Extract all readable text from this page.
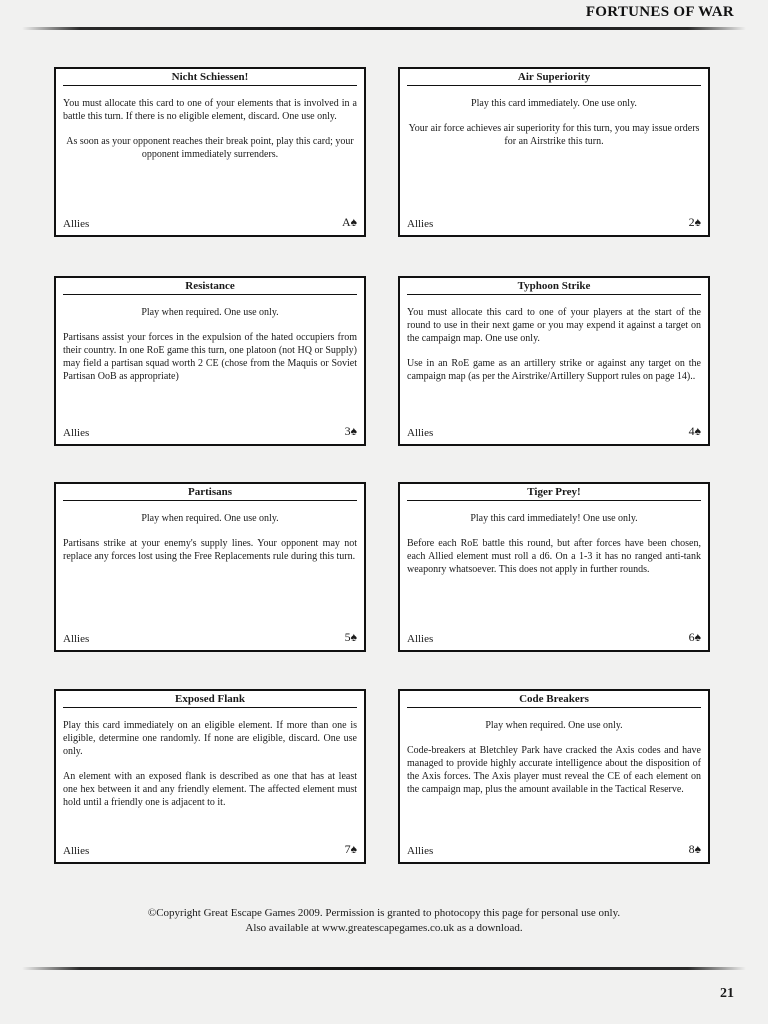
FORTUNES OF WAR
Nicht Schiessen!

You must allocate this card to one of your elements that is involved in a battle this turn. If there is no eligible element, discard. One use only.

As soon as your opponent reaches their break point, play this card; your opponent immediately surrenders.

Allies	A♠
Air Superiority

Play this card immediately. One use only.

Your air force achieves air superiority for this turn, you may issue orders for an Airstrike this turn.

Allies	2♠
Resistance

Play when required. One use only.

Partisans assist your forces in the expulsion of the hated occupiers from their country. In one RoE game this turn, one platoon (not HQ or Supply) may field a partisan squad worth 2 CE (chose from the Maquis or Soviet Partisan OoB as appropriate)

Allies	3♠
Typhoon Strike

You must allocate this card to one of your players at the start of the round to use in their next game or you may expend it against a target on the campaign map. One use only.

Use in an RoE game as an artillery strike or against any target on the campaign map (as per the Airstrike/Artillery Support rules on page 14)..

Allies	4♠
Partisans

Play when required. One use only.

Partisans strike at your enemy's supply lines. Your opponent may not replace any forces lost using the Free Replacements rule during this turn.

Allies	5♠
Tiger Prey!

Play this card immediately! One use only.

Before each RoE battle this round, but after forces have been chosen, each Allied element must roll a d6. On a 1-3 it has no ranged anti-tank weaponry whatsoever. This does not apply in further rounds.

Allies	6♠
Exposed Flank

Play this card immediately on an eligible element. If more than one is eligible, determine one randomly. If none are eligible, discard. One use only.

An element with an exposed flank is described as one that has at least one hex between it and any friendly element. The affected element must hold until a friendly one is adjacent to it.

Allies	7♠
Code Breakers

Play when required. One use only.

Code-breakers at Bletchley Park have cracked the Axis codes and have managed to provide highly accurate intelligence about the disposition of the Axis forces. The Axis player must reveal the CE of each element on the campaign map, plus the amount available in the Tactical Reserve.

Allies	8♠
©Copyright Great Escape Games 2009. Permission is granted to photocopy this page for personal use only.
Also available at www.greatescapegames.co.uk as a download.
21
